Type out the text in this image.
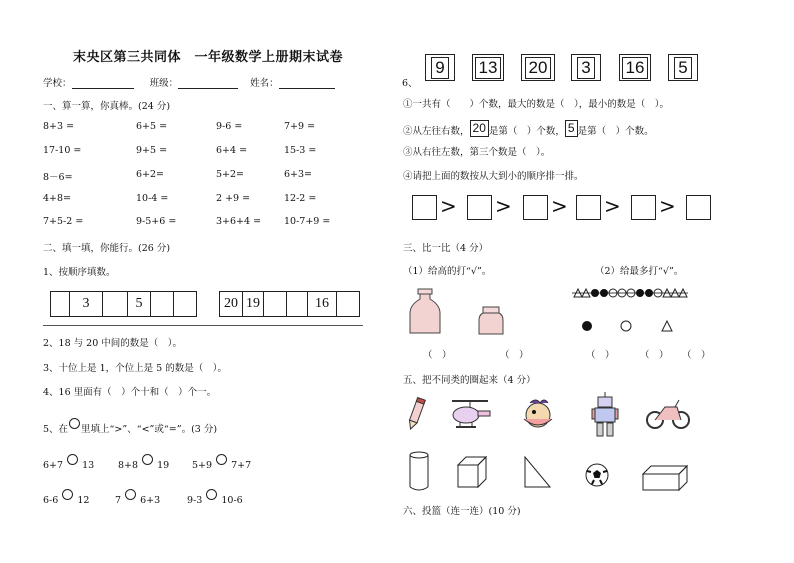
末央区第三共同体　一年级数学上册期末试卷
学校：	班级：	姓名：
一、算一算，你真棒。(24 分)
8+3 =	6+5 =	9-6 =	7+9 =
17-10 =	9+5 =	6+4 =	15-3 =
8－6=	6+2=	5+2=	6+3=
4+8=	10-4 =	2 +9 =	12-2 =
7+5-2 =	9-5+6 =	3+6+4 = 10-7+9 =
二、填一填，你能行。(26 分)
1、按顺序填数。
3	5	20 19	16
2、18 与 20 中间的数是（　）。
3、十位上是 1，个位上是 5 的数是（　）。
4、16 里面有（　）个十和（　）个一。
5、在 里填上“>”、“<”或“=”。(3 分)
6+7 13	8+8 19 5+9 7+7
6-6 12	7 6+3	9-3 10-6
6、
9 13 20 3 16 5
①一共有（　　）个数，最大的数是（　），最小的数是（　）。
②从左往右数， 20 是第（　）个数， 5 是第（　）个数。
③从右往左数，第三个数是（　）。
④请把上面的数按从大到小的顺序排一排。
> > > > >
三、比一比（4 分）
（1）给高的打“√”。	（2）给最多打“√”。
（　）	（　）	（　）	（　） （　）
五、把不同类的圈起来（4 分）
六、投篮（连一连）(10 分)
